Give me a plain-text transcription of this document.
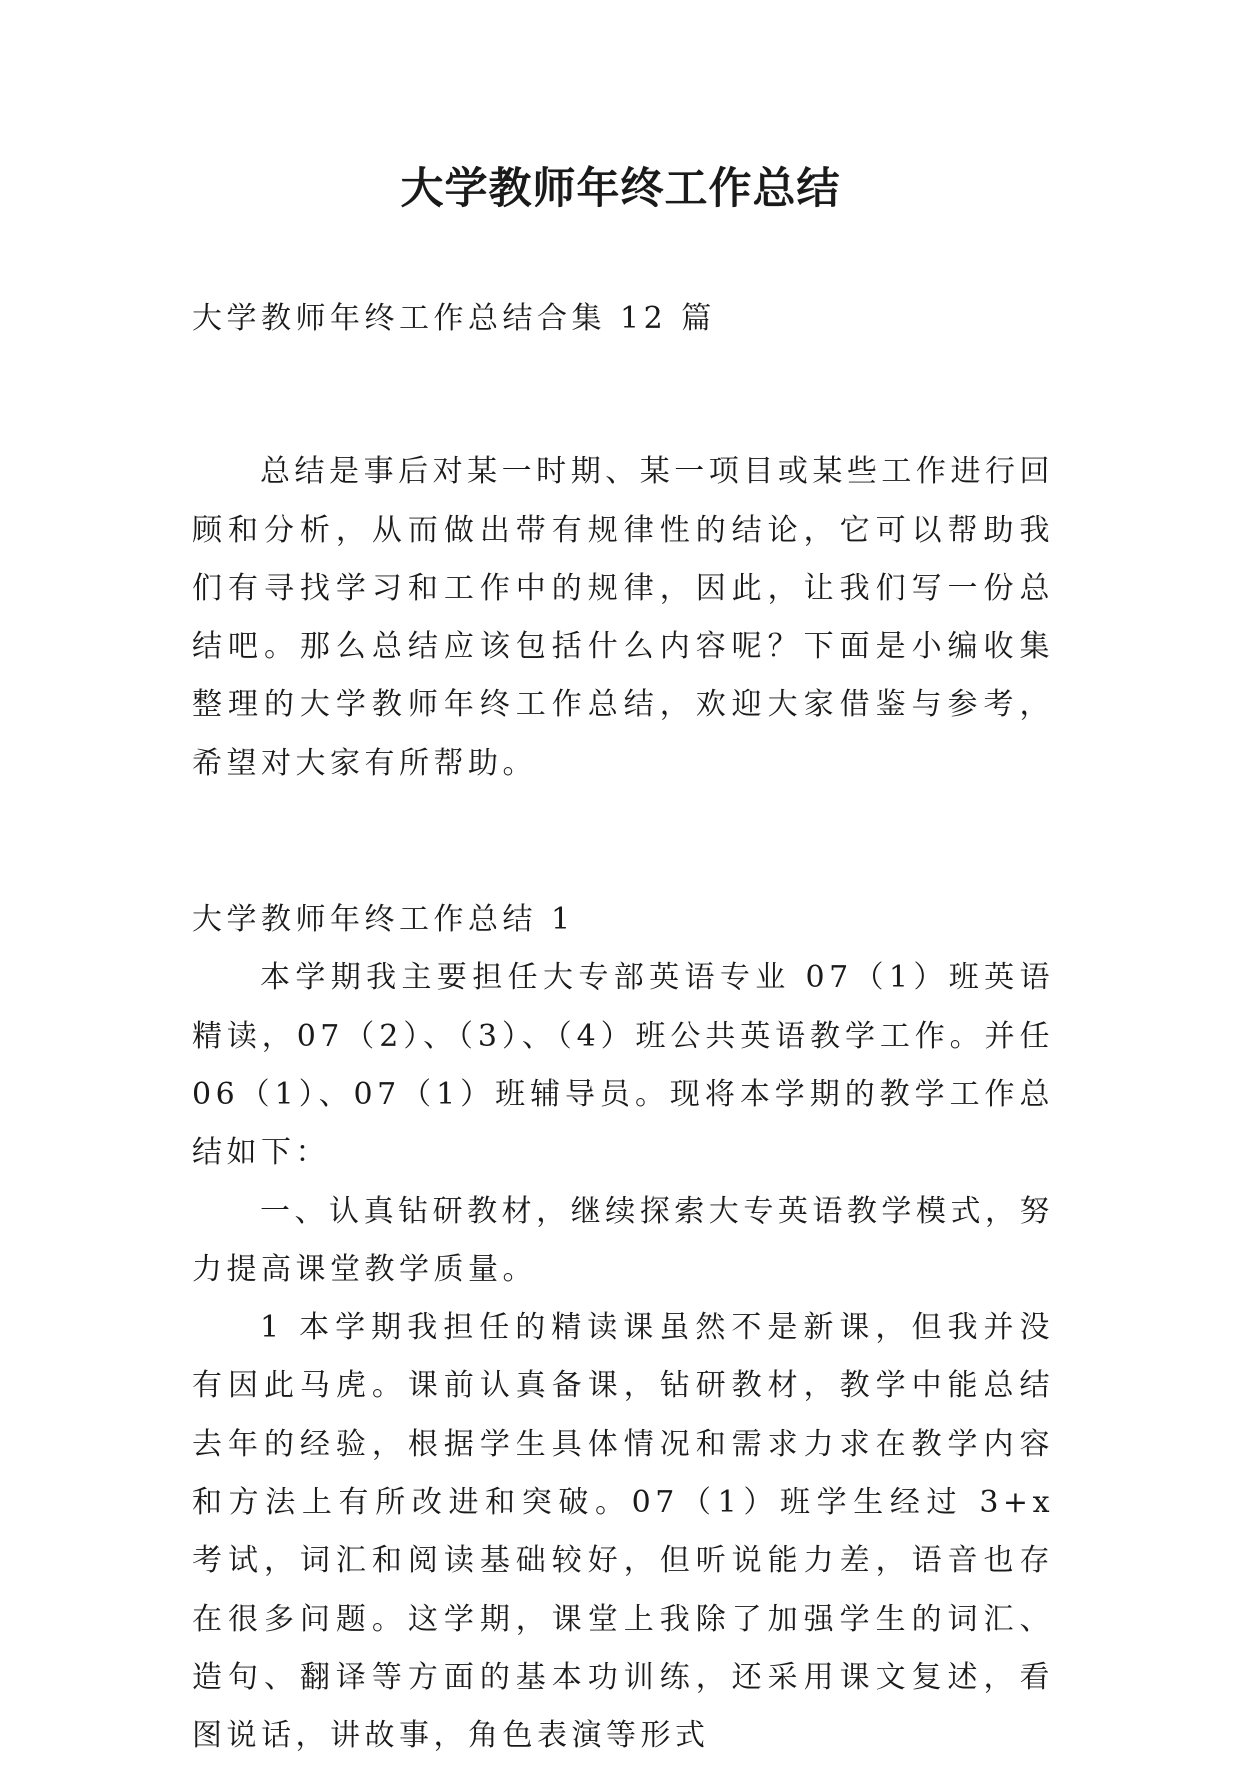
大学教师年终工作总结

大学教师年终工作总结合集 12 篇

总结是事后对某一时期、某一项目或某些工作进行回顾和分析，从而做出带有规律性的结论，它可以帮助我们有寻找学习和工作中的规律，因此，让我们写一份总结吧。那么总结应该包括什么内容呢？下面是小编收集整理的大学教师年终工作总结，欢迎大家借鉴与参考，希望对大家有所帮助。

大学教师年终工作总结 1

本学期我主要担任大专部英语专业 07（1）班英语精读，07（2）、（3）、（4）班公共英语教学工作。并任 06（1）、07（1）班辅导员。现将本学期的教学工作总结如下：

一、认真钻研教材，继续探索大专英语教学模式，努力提高课堂教学质量。

1 本学期我担任的精读课虽然不是新课，但我并没有因此马虎。课前认真备课，钻研教材，教学中能总结去年的经验，根据学生具体情况和需求力求在教学内容和方法上有所改进和突破。07（1）班学生经过 3+x 考试，词汇和阅读基础较好，但听说能力差，语音也存在很多问题。这学期，课堂上我除了加强学生的词汇、造句、翻译等方面的基本功训练，还采用课文复述，看图说话，讲故事，角色表演等形式
